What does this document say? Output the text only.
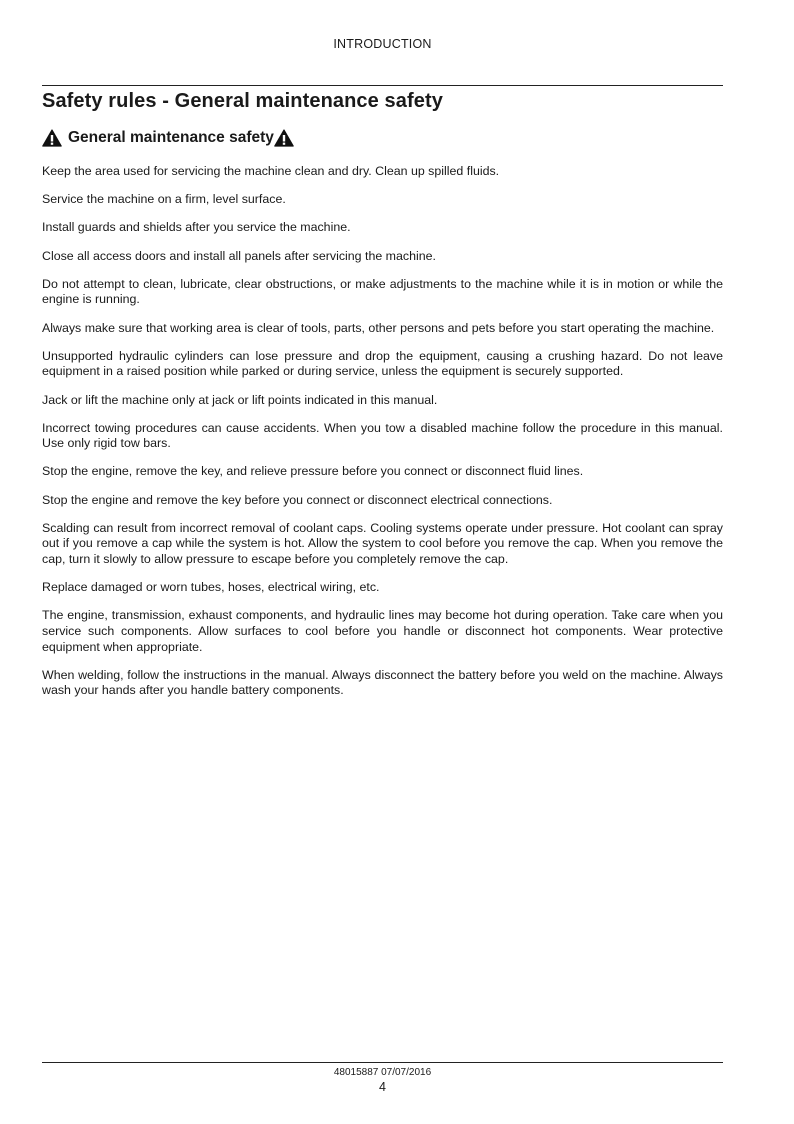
INTRODUCTION
Safety rules - General maintenance safety
General maintenance safety

Keep the area used for servicing the machine clean and dry. Clean up spilled fluids.

Service the machine on a firm, level surface.

Install guards and shields after you service the machine.

Close all access doors and install all panels after servicing the machine.

Do not attempt to clean, lubricate, clear obstructions, or make adjustments to the machine while it is in motion or while the engine is running.

Always make sure that working area is clear of tools, parts, other persons and pets before you start operating the machine.

Unsupported hydraulic cylinders can lose pressure and drop the equipment, causing a crushing hazard. Do not leave equipment in a raised position while parked or during service, unless the equipment is securely supported.

Jack or lift the machine only at jack or lift points indicated in this manual.

Incorrect towing procedures can cause accidents. When you tow a disabled machine follow the procedure in this manual. Use only rigid tow bars.

Stop the engine, remove the key, and relieve pressure before you connect or disconnect fluid lines.

Stop the engine and remove the key before you connect or disconnect electrical connections.

Scalding can result from incorrect removal of coolant caps. Cooling systems operate under pressure. Hot coolant can spray out if you remove a cap while the system is hot. Allow the system to cool before you remove the cap. When you remove the cap, turn it slowly to allow pressure to escape before you completely remove the cap.

Replace damaged or worn tubes, hoses, electrical wiring, etc.

The engine, transmission, exhaust components, and hydraulic lines may become hot during operation. Take care when you service such components. Allow surfaces to cool before you handle or disconnect hot components. Wear protective equipment when appropriate.

When welding, follow the instructions in the manual. Always disconnect the battery before you weld on the machine. Always wash your hands after you handle battery components.

48015887 07/07/2016
4
